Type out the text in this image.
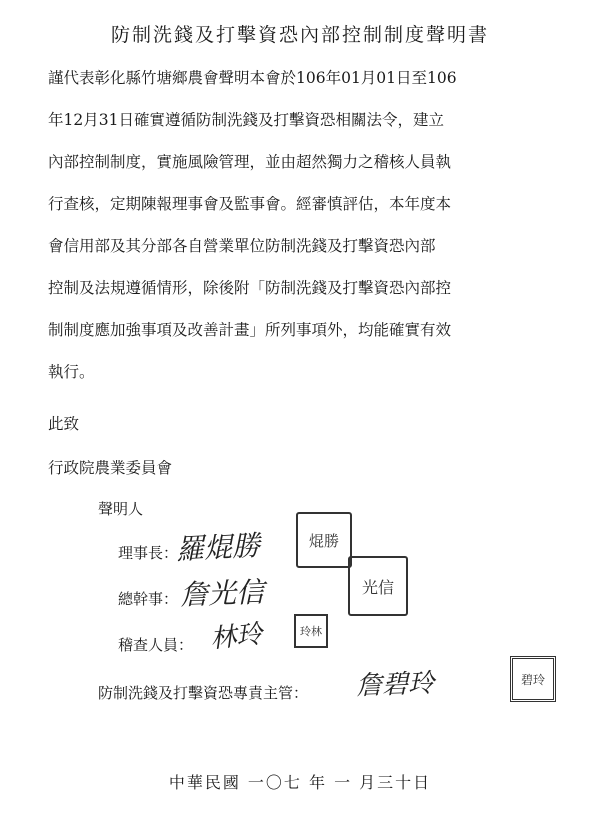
防制洗錢及打擊資恐內部控制制度聲明書
謹代表彰化縣竹塘鄉農會聲明本會於106年01月01日至106
年12月31日確實遵循防制洗錢及打擊資恐相關法令，建立
內部控制制度，實施風險管理，並由超然獨力之稽核人員執
行查核，定期陳報理事會及監事會。經審慎評估，本年度本
會信用部及其分部各自營業單位防制洗錢及打擊資恐內部
控制及法規遵循情形，除後附「防制洗錢及打擊資恐內部控
制制度應加強事項及改善計畫」所列事項外，均能確實有效
執行。
此致
行政院農業委員會
聲明人
理事長：
羅焜勝	焜勝
總幹事： 詹光信	光信
稽查人員： 林玲	玲林
防制洗錢及打擊資恐專責主管： 詹碧玲	碧玲
中華民國 一〇七 年 一 月三十日
